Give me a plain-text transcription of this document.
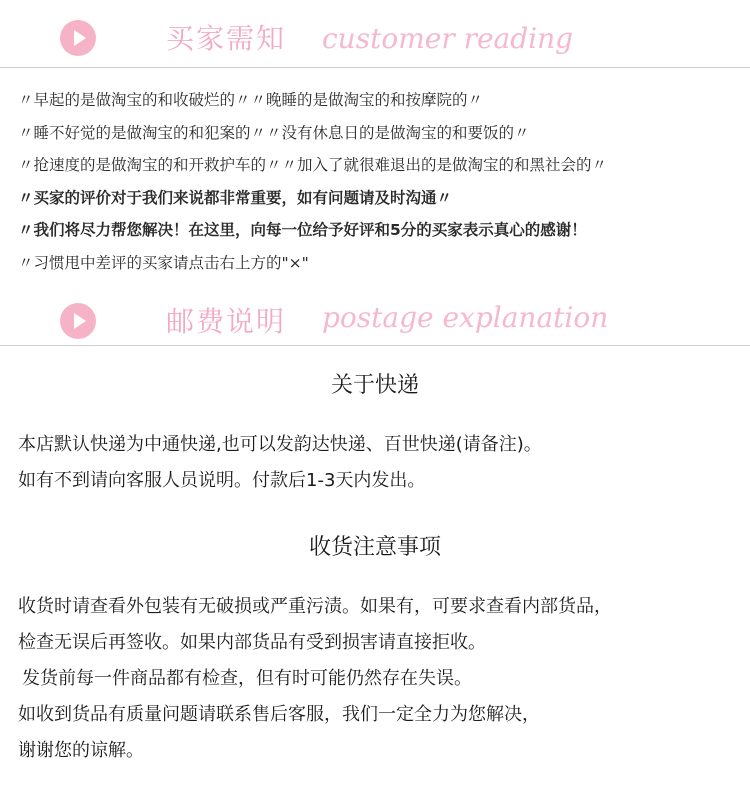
买家需知 customer reading
〃早起的是做淘宝的和收破烂的〃〃晚睡的是做淘宝的和按摩院的〃
〃睡不好觉的是做淘宝的和犯案的〃〃没有休息日的是做淘宝的和要饭的〃
〃抢速度的是做淘宝的和开救护车的〃〃加入了就很难退出的是做淘宝的和黑社会的〃
〃买家的评价对于我们来说都非常重要，如有问题请及时沟通〃
〃我们将尽力帮您解决！在这里，向每一位给予好评和5分的买家表示真心的感谢！
〃习惯甩中差评的买家请点击右上方的"×"
邮费说明 postage explanation
关于快递
本店默认快递为中通快递,也可以发韵达快递、百世快递(请备注)。
如有不到请向客服人员说明。付款后1-3天内发出。
收货注意事项
收货时请查看外包装有无破损或严重污渍。如果有，可要求查看内部货品，
检查无误后再签收。如果内部货品有受到损害请直接拒收。
发货前每一件商品都有检查，但有时可能仍然存在失误。
如收到货品有质量问题请联系售后客服，我们一定全力为您解决，
谢谢您的谅解。
